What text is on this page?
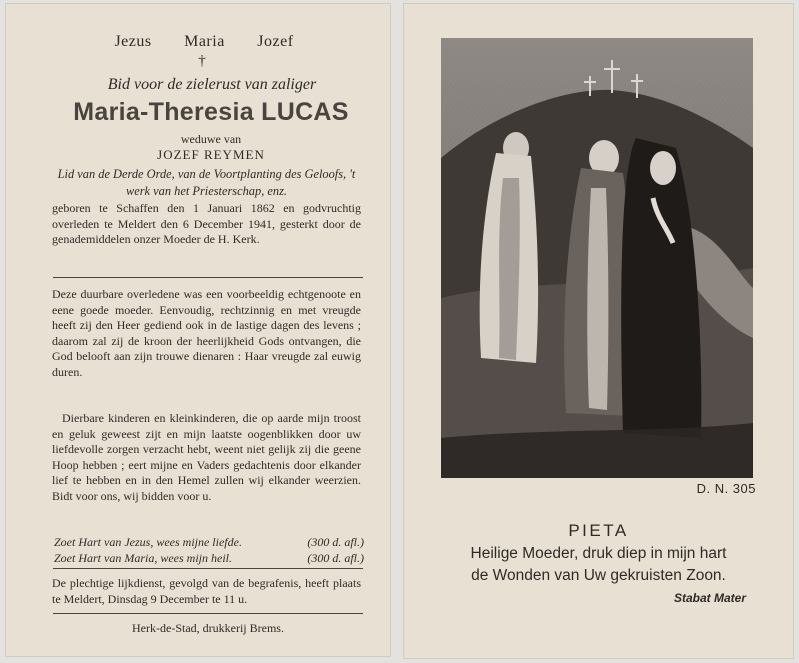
Jezus Maria Jozef
†
Bid voor de zielerust van zaliger
Maria-Theresia LUCAS
weduwe van
JOZEF REYMEN
Lid van de Derde Orde, van de Voortplanting des Geloofs, 't werk van het Priesterschap, enz.
geboren te Schaffen den 1 Januari 1862 en godvruchtig overleden te Meldert den 6 December 1941, gesterkt door de genademiddelen onzer Moeder de H. Kerk.
Deze duurbare overledene was een voorbeeldig echtgenoote en eene goede moeder. Eenvoudig, rechtzinnig en met vreugde heeft zij den Heer gediend ook in de lastige dagen des levens ; daarom zal zij de kroon der heerlijkheid Gods ontvangen, die God belooft aan zijn trouwe dienaren : Haar vreugde zal euwig duren.
Dierbare kinderen en kleinkinderen, die op aarde mijn troost en geluk geweest zijt en mijn laatste oogenblikken door uw liefdevolle zorgen verzacht hebt, weent niet gelijk zij die geene Hoop hebben ; eert mijne en Vaders gedachtenis door elkander lief te hebben en in den Hemel zullen wij elkander weerzien. Bidt voor ons, wij bidden voor u.
Zoet Hart van Jezus, wees mijne liefde.	(300 d. afl.)
Zoet Hart van Maria, wees mijn heil.	(300 d. afl.)
De plechtige lijkdienst, gevolgd van de begrafenis, heeft plaats te Meldert, Dinsdag 9 December te 11 u.
Herk-de-Stad, drukkerij Brems.
D. N. 305
PIETA
Heilige Moeder, druk diep in mijn hart
de Wonden van Uw gekruisten Zoon.
Stabat Mater
